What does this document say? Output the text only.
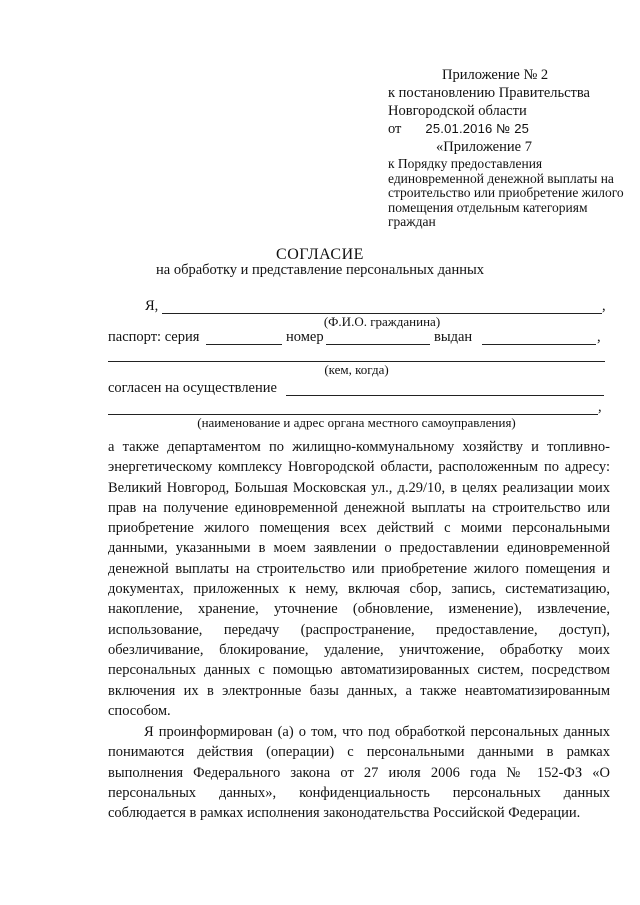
Приложение № 2
к постановлению Правительства
Новгородской области
от 25.01.2016 № 25
«Приложение 7
к Порядку предоставления единовременной денежной выплаты на строительство или приобретение жилого помещения отдельным категориям граждан
СОГЛАСИЕ
на обработку и представление персональных данных
Я,	,
(Ф.И.О. гражданина)
паспорт: серия	номер	выдан	,
(кем, когда)
согласен на осуществление
,
(наименование и адрес органа местного самоуправления)

а также департаментом по жилищно-коммунальному хозяйству и топливно-энергетическому комплексу Новгородской области, расположенным по адресу: Великий Новгород, Большая Московская ул., д.29/10, в целях реализации моих прав на получение единовременной денежной выплаты на строительство или приобретение жилого помещения всех действий с моими персональными данными, указанными в моем заявлении о предоставлении единовременной денежной выплаты на строительство или приобретение жилого помещения и документах, приложенных к нему, включая сбор, запись, систематизацию, накопление, хранение, уточнение (обновление, изменение), извлечение, использование, передачу (распространение, предоставление, доступ), обезличивание, блокирование, удаление, уничтожение, обработку моих персональных данных с помощью автоматизированных систем, посредством включения их в электронные базы данных, а также неавтоматизированным способом.

Я проинформирован (а) о том, что под обработкой персональных данных понимаются действия (операции) с персональными данными в рамках выполнения Федерального закона от 27 июля 2006 года № 152-ФЗ «О персональных данных», конфиденциальность персональных данных соблюдается в рамках исполнения законодательства Российской Федерации.
